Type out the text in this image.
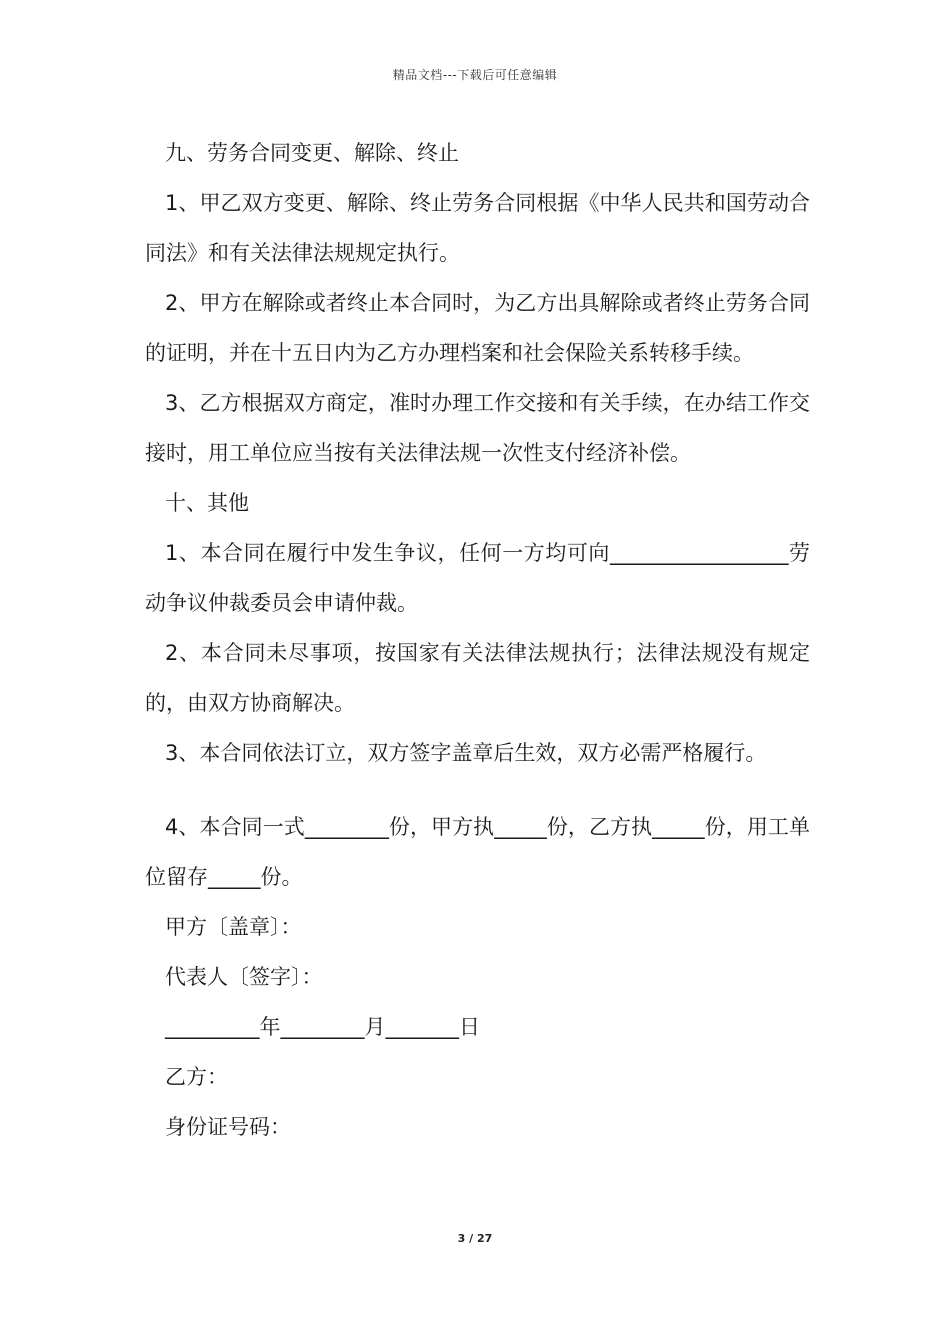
精品文档---下载后可任意编辑

九、劳务合同变更、解除、终止

1、甲乙双方变更、解除、终止劳务合同根据《中华人民共和国劳动合同法》和有关法律法规规定执行。

2、甲方在解除或者终止本合同时，为乙方出具解除或者终止劳务合同的证明，并在十五日内为乙方办理档案和社会保险关系转移手续。

3、乙方根据双方商定，准时办理工作交接和有关手续，在办结工作交接时，用工单位应当按有关法律法规一次性支付经济补偿。

十、其他

1、本合同在履行中发生争议，任何一方均可向_________________劳动争议仲裁委员会申请仲裁。

2、本合同未尽事项，按国家有关法律法规执行；法律法规没有规定的，由双方协商解决。

3、本合同依法订立，双方签字盖章后生效，双方必需严格履行。

4、本合同一式________份，甲方执_____份，乙方执_____份，用工单位留存_____份。

甲方〔盖章〕：

代表人〔签字〕：

_________年________月_______日

乙方：

身份证号码：

3 / 27
